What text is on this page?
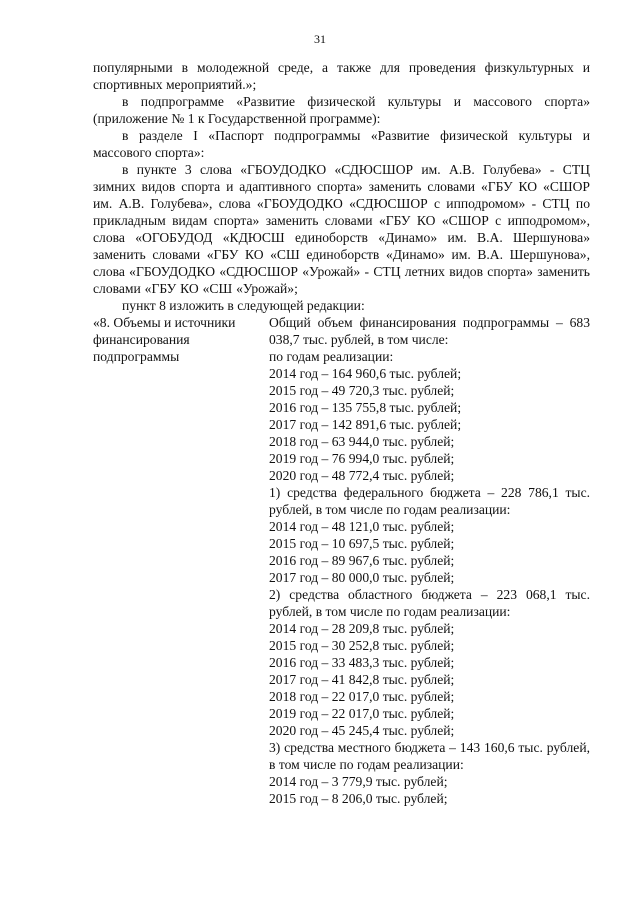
31

популярными в молодежной среде, а также для проведения физкультурных и спортивных мероприятий.»;

в подпрограмме «Развитие физической культуры и массового спорта» (приложение № 1 к Государственной программе):

в разделе I «Паспорт подпрограммы «Развитие физической культуры и массового спорта»:

в пункте 3 слова «ГБОУДОДКО «СДЮСШОР им. А.В. Голубева» - СТЦ зимних видов спорта и адаптивного спорта» заменить словами «ГБУ КО «СШОР им. А.В. Голубева», слова «ГБОУДОДКО «СДЮСШОР с ипподромом» - СТЦ по прикладным видам спорта» заменить словами «ГБУ КО «СШОР с ипподромом», слова «ОГОБУДОД «КДЮСШ единоборств «Динамо» им. В.А. Шершунова» заменить словами «ГБУ КО «СШ единоборств «Динамо» им. В.А. Шершунова», слова «ГБОУДОДКО «СДЮСШОР «Урожай» - СТЦ летних видов спорта» заменить словами «ГБУ КО «СШ «Урожай»;

пункт 8 изложить в следующей редакции:

«8. Объемы и источники финансирования подпрограммы
Общий объем финансирования подпрограммы – 683 038,7 тыс. рублей, в том числе:
по годам реализации:
2014 год – 164 960,6 тыс. рублей;
2015 год – 49 720,3 тыс. рублей;
2016 год – 135 755,8 тыс. рублей;
2017 год – 142 891,6 тыс. рублей;
2018 год – 63 944,0 тыс. рублей;
2019 год – 76 994,0 тыс. рублей;
2020 год – 48 772,4 тыс. рублей;
1) средства федерального бюджета – 228 786,1 тыс. рублей, в том числе по годам реализации:
2014 год – 48 121,0 тыс. рублей;
2015 год – 10 697,5 тыс. рублей;
2016 год – 89 967,6 тыс. рублей;
2017 год – 80 000,0 тыс. рублей;
2) средства областного бюджета – 223 068,1 тыс. рублей, в том числе по годам реализации:
2014 год – 28 209,8 тыс. рублей;
2015 год – 30 252,8 тыс. рублей;
2016 год – 33 483,3 тыс. рублей;
2017 год – 41 842,8 тыс. рублей;
2018 год – 22 017,0 тыс. рублей;
2019 год – 22 017,0 тыс. рублей;
2020 год – 45 245,4 тыс. рублей;
3) средства местного бюджета – 143 160,6 тыс. рублей, в том числе по годам реализации:
2014 год – 3 779,9 тыс. рублей;
2015 год – 8 206,0 тыс. рублей;
